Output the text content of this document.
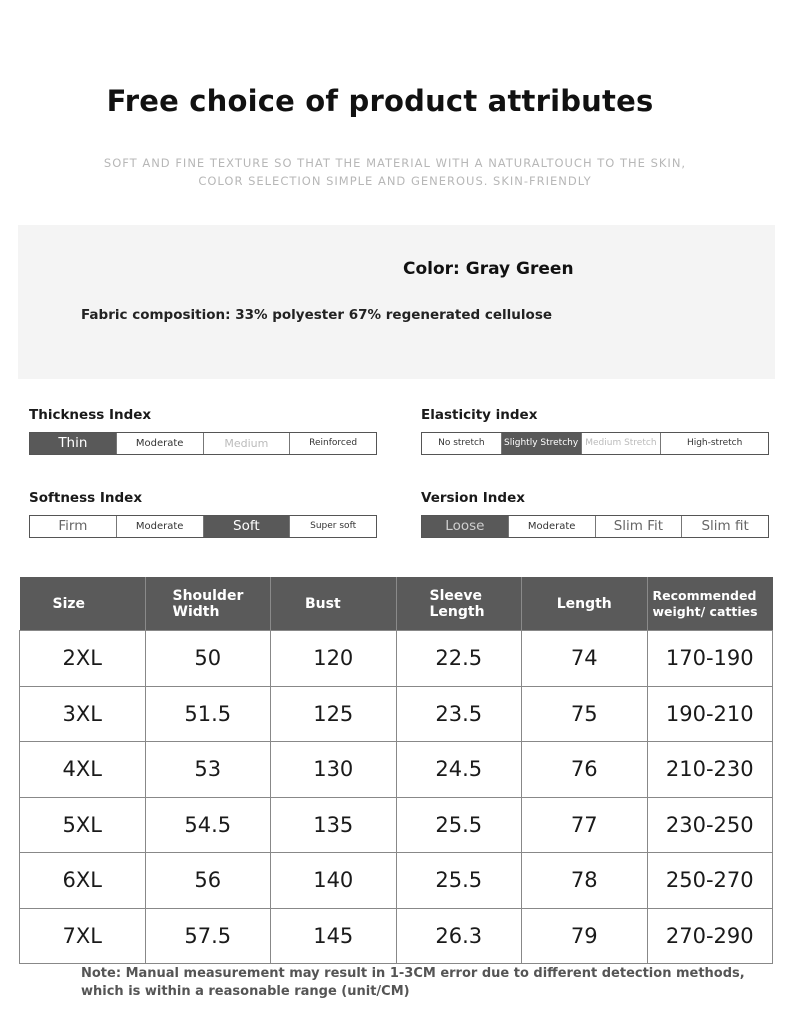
Free choice of product attributes
SOFT AND FINE TEXTURE SO THAT THE MATERIAL WITH A NATURALTOUCH TO THE SKIN,
COLOR SELECTION SIMPLE AND GENEROUS. SKIN-FRIENDLY
Color: Gray Green
Fabric composition: 33% polyester 67% regenerated cellulose
Thickness Index
Thin	Moderate	Medium	Reinforced
Elasticity index
No stretch	Slightly Stretchy Medium Stretch	High-stretch
Softness Index
Firm	Moderate	Soft	Super soft
Version Index
Loose	Moderate	Slim Fit	Slim fit
Size	Shoulder Width	Bust	Sleeve Length	Length	Recommended weight/ catties
2XL	50	120	22.5	74	170-190
3XL	51.5	125	23.5	75	190-210
4XL	53	130	24.5	76	210-230
5XL	54.5	135	25.5	77	230-250
6XL	56	140	25.5	78	250-270
7XL	57.5	145	26.3	79	270-290
Note: Manual measurement may result in 1-3CM error due to different detection methods,
which is within a reasonable range (unit/CM)
